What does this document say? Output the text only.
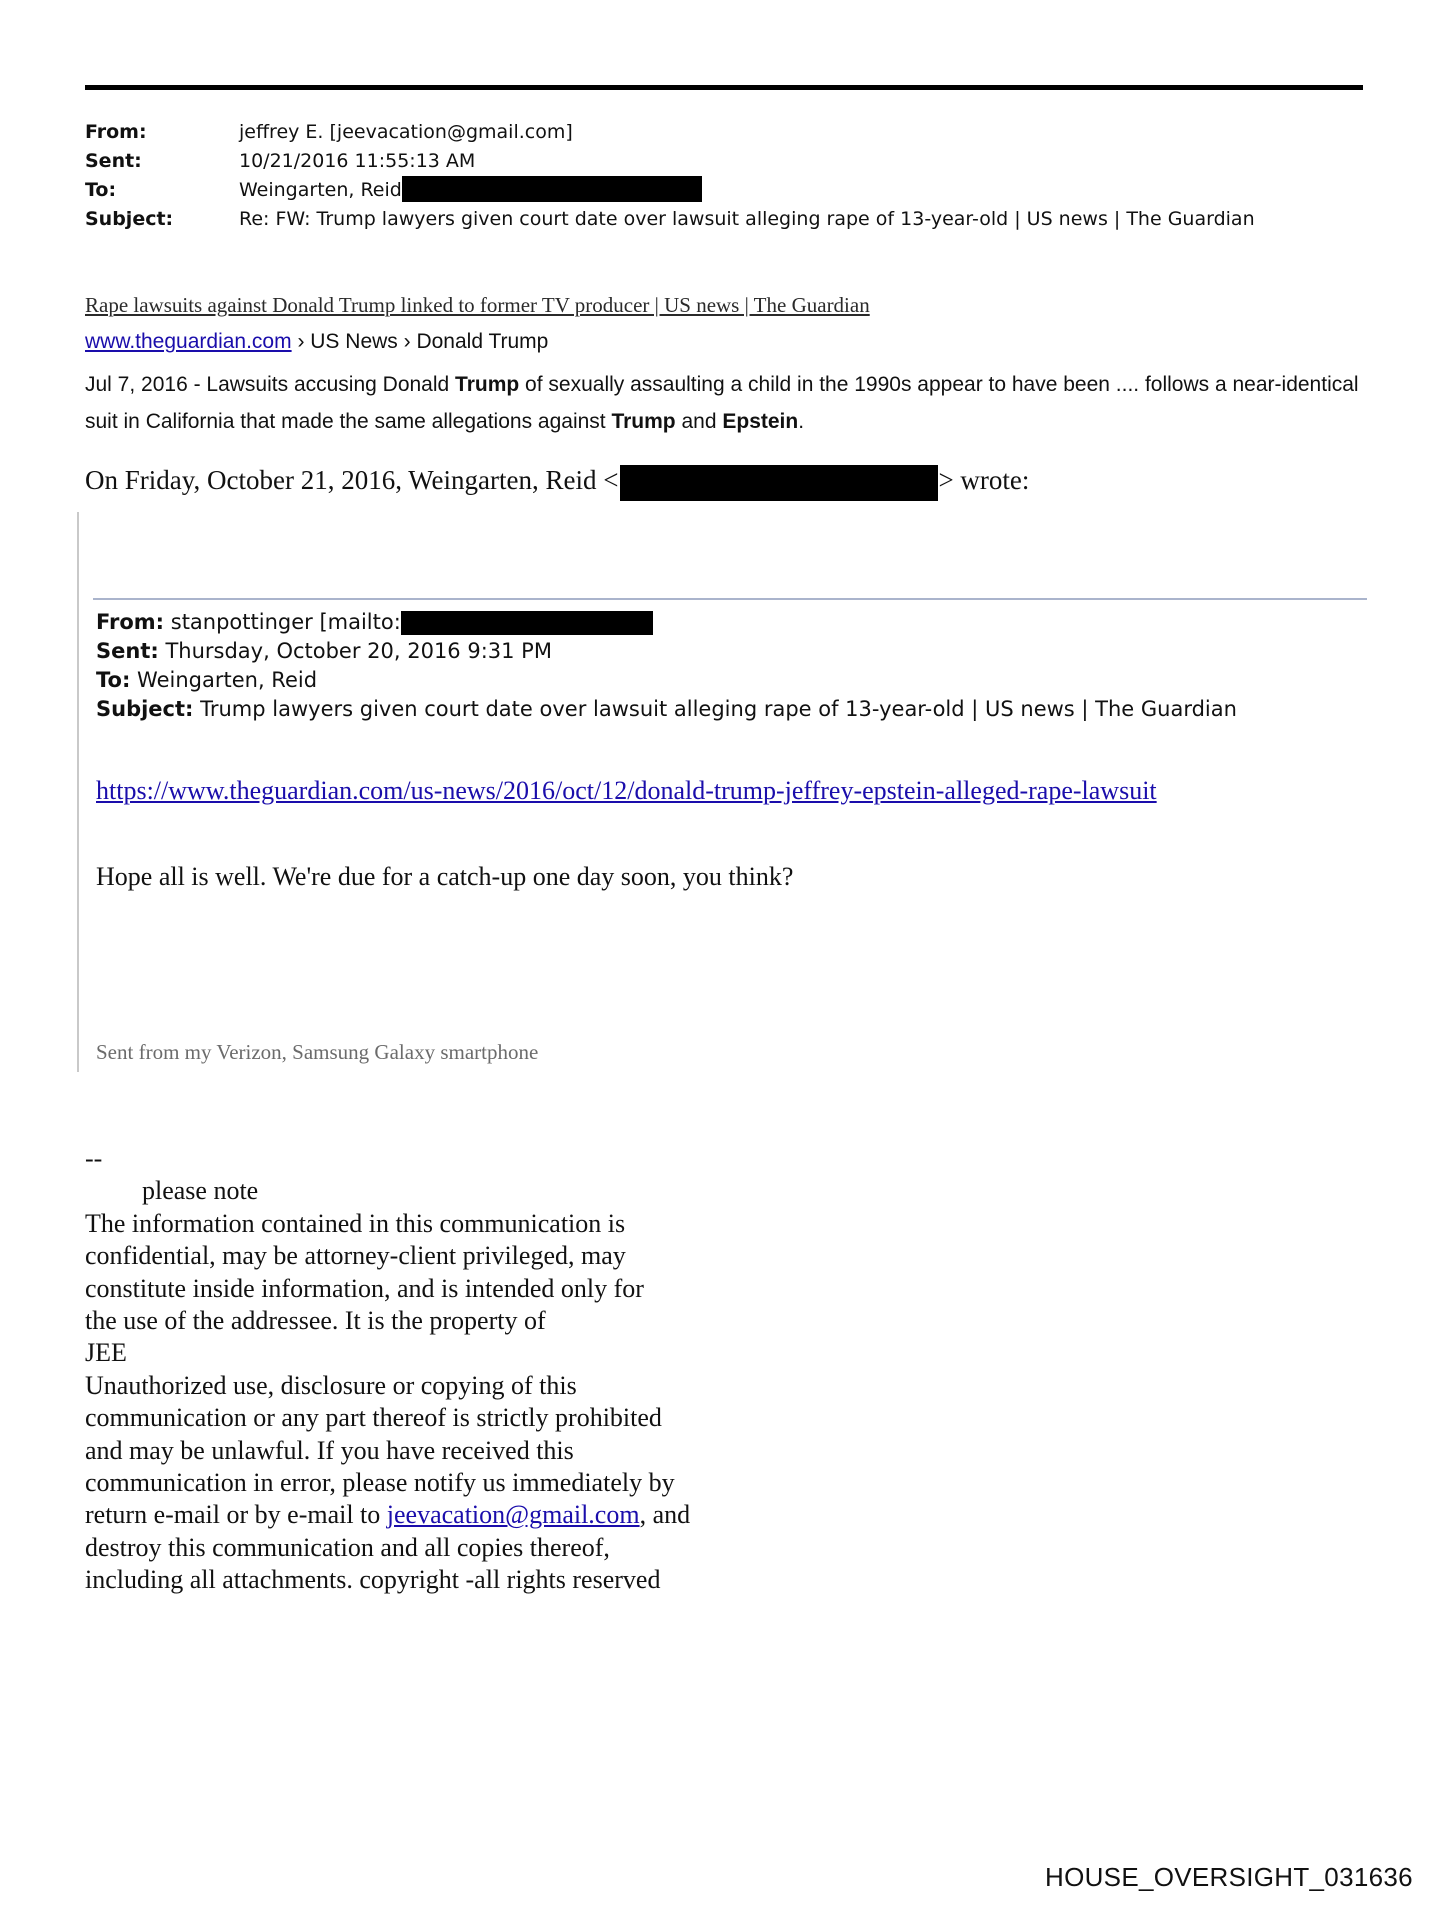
From:	jeffrey E. [jeevacation@gmail.com]
Sent:	10/21/2016 11:55:13 AM
To:	Weingarten, Reid
Subject:	Re: FW: Trump lawyers given court date over lawsuit alleging rape of 13-year-old | US news | The Guardian
Rape lawsuits against Donald Trump linked to former TV producer | US news | The Guardian
www.theguardian.com › US News › Donald Trump
Jul 7, 2016 - Lawsuits accusing Donald Trump of sexually assaulting a child in the 1990s appear to have been .... follows a near-identical suit in California that made the same allegations against Trump and Epstein.
On Friday, October 21, 2016, Weingarten, Reid <	> wrote:
From: stanpottinger [mailto:
Sent: Thursday, October 20, 2016 9:31 PM
To: Weingarten, Reid
Subject: Trump lawyers given court date over lawsuit alleging rape of 13-year-old | US news | The Guardian
https://www.theguardian.com/us-news/2016/oct/12/donald-trump-jeffrey-epstein-alleged-rape-lawsuit
Hope all is well. We're due for a catch-up one day soon, you think?
Sent from my Verizon, Samsung Galaxy smartphone
--
please note
The information contained in this communication is
confidential, may be attorney-client privileged, may
constitute inside information, and is intended only for
the use of the addressee. It is the property of
JEE
Unauthorized use, disclosure or copying of this
communication or any part thereof is strictly prohibited
and may be unlawful. If you have received this
communication in error, please notify us immediately by
return e-mail or by e-mail to jeevacation@gmail.com, and
destroy this communication and all copies thereof,
including all attachments. copyright -all rights reserved
HOUSE_OVERSIGHT_031636
